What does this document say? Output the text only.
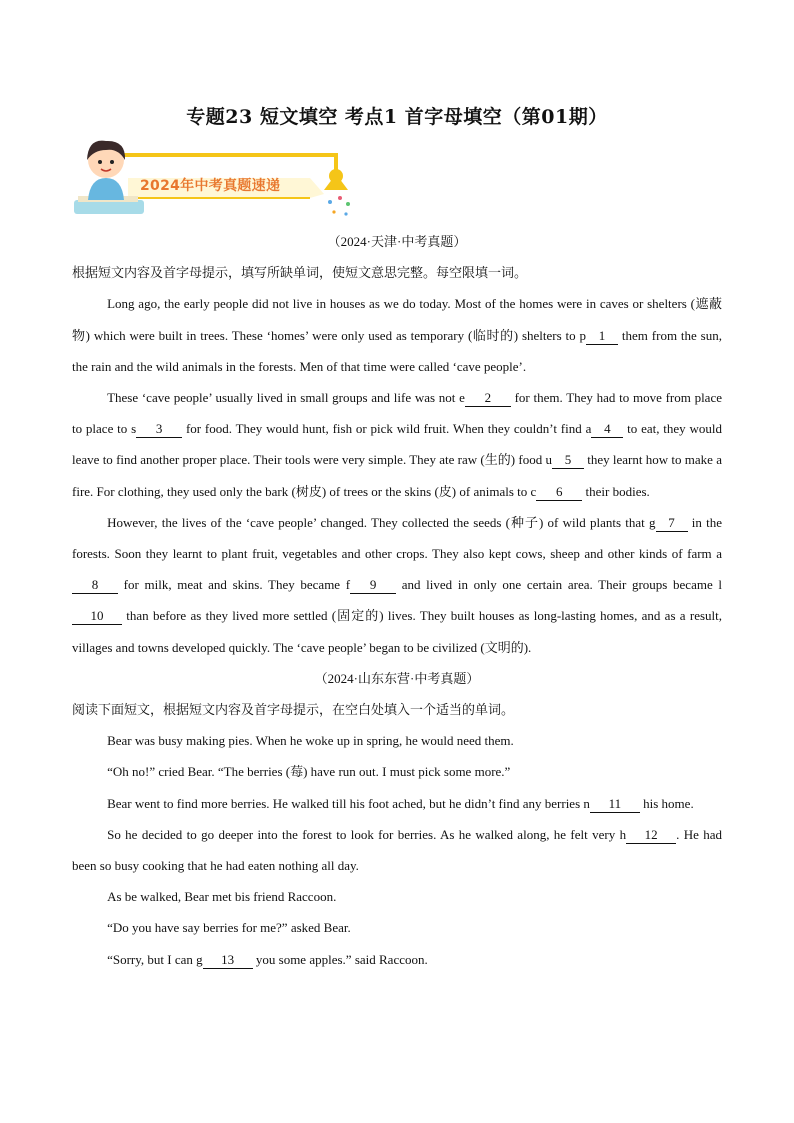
专题23 短文填空 考点1 首字母填空（第01期）
2024年中考真题速递
（2024·天津·中考真题）
根据短文内容及首字母提示，填写所缺单词，使短文意思完整。每空限填一词。
Long ago, the early people did not live in houses as we do today. Most of the homes were in caves or shelters (遮蔽物) which were built in trees. These ‘homes’ were only used as temporary (临时的) shelters to p 1 them from the sun, the rain and the wild animals in the forests. Men of that time were called ‘cave people’.
These ‘cave people’ usually lived in small groups and life was not e 2 for them. They had to move from place to place to s 3 for food. They would hunt, fish or pick wild fruit. When they couldn’t find a 4 to eat, they would leave to find another proper place. Their tools were very simple. They ate raw (生的) food u 5 they learnt how to make a fire. For clothing, they used only the bark (树皮) of trees or the skins (皮) of animals to c 6 their bodies.
However, the lives of the ‘cave people’ changed. They collected the seeds (种子) of wild plants that g 7 in the forests. Soon they learnt to plant fruit, vegetables and other crops. They also kept cows, sheep and other kinds of farm a8 for milk, meat and skins. They became f 9 and lived in only one certain area. Their groups became l10 than before as they lived more settled (固定的) lives. They built houses as long-lasting homes, and as a result, villages and towns developed quickly. The ‘cave people’ began to be civilized (文明的).
（2024·山东东营·中考真题）
阅读下面短文，根据短文内容及首字母提示，在空白处填入一个适当的单词。
Bear was busy making pies. When he woke up in spring, he would need them.
“Oh no!” cried Bear. “The berries (莓) have run out. I must pick some more.”
Bear went to find more berries. He walked till his foot ached, but he didn’t find any berries n 11 his home.
So he decided to go deeper into the forest to look for berries. As he walked along, he felt very h 12 . He had been so busy cooking that he had eaten nothing all day.
As be walked, Bear met bis friend Raccoon.
“Do you have say berries for me?” asked Bear.
“Sorry, but I can g 13 you some apples.” said Raccoon.
